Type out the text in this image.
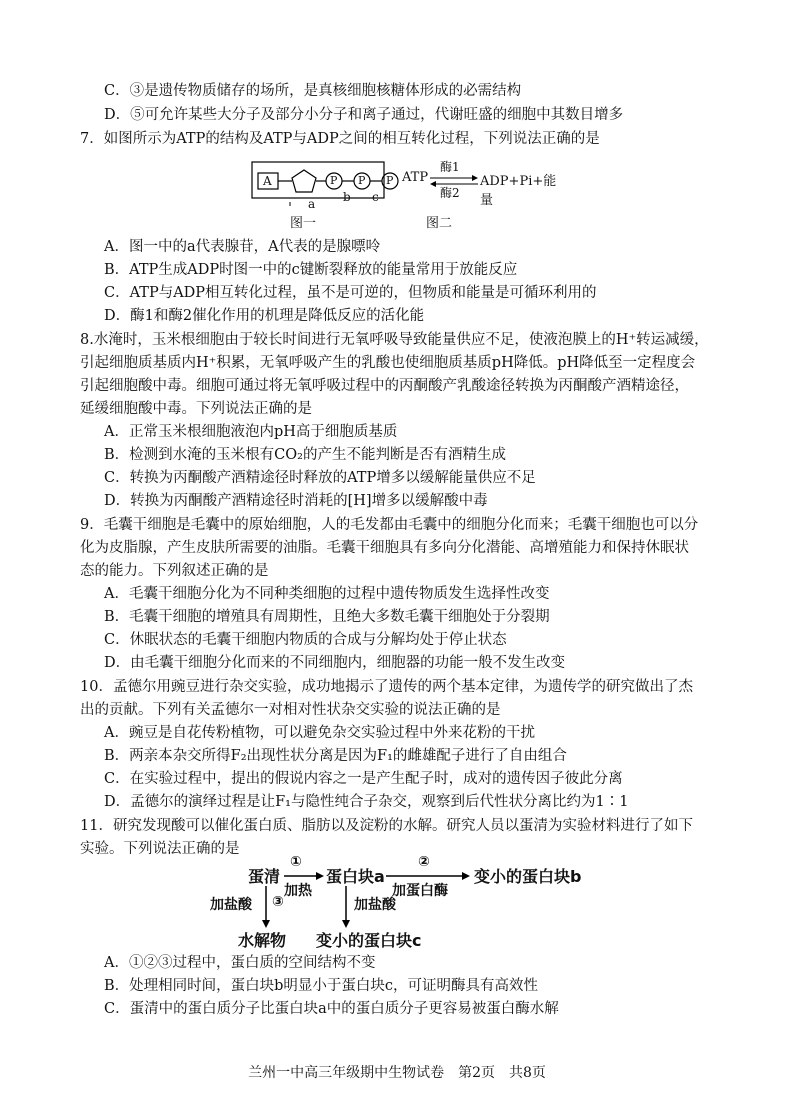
C．③是遗传物质储存的场所，是真核细胞核糖体形成的必需结构
D．⑤可允许某些大分子及部分小分子和离子通过，代谢旺盛的细胞中其数目增多
7．如图所示为ATP的结构及ATP与ADP之间的相互转化过程，下列说法正确的是
A	P P P
a b c
图一
ATP
酶1
酶2
ADP+Pi+能量
图二
A．图一中的a代表腺苷，A代表的是腺嘌呤
B．ATP生成ADP时图一中的c键断裂释放的能量常用于放能反应
C．ATP与ADP相互转化过程，虽不是可逆的，但物质和能量是可循环利用的
D．酶1和酶2催化作用的机理是降低反应的活化能
8.水淹时，玉米根细胞由于较长时间进行无氧呼吸导致能量供应不足，使液泡膜上的H⁺转运减缓，
引起细胞质基质内H⁺积累，无氧呼吸产生的乳酸也使细胞质基质pH降低。pH降低至一定程度会
引起细胞酸中毒。细胞可通过将无氧呼吸过程中的丙酮酸产乳酸途径转换为丙酮酸产酒精途径，
延缓细胞酸中毒。下列说法正确的是
A．正常玉米根细胞液泡内pH高于细胞质基质
B．检测到水淹的玉米根有CO₂的产生不能判断是否有酒精生成
C．转换为丙酮酸产酒精途径时释放的ATP增多以缓解能量供应不足
D．转换为丙酮酸产酒精途径时消耗的[H]增多以缓解酸中毒
9．毛囊干细胞是毛囊中的原始细胞，人的毛发都由毛囊中的细胞分化而来；毛囊干细胞也可以分
化为皮脂腺，产生皮肤所需要的油脂。毛囊干细胞具有多向分化潜能、高增殖能力和保持休眠状
态的能力。下列叙述正确的是
A．毛囊干细胞分化为不同种类细胞的过程中遗传物质发生选择性改变
B．毛囊干细胞的增殖具有周期性，且绝大多数毛囊干细胞处于分裂期
C．休眠状态的毛囊干细胞内物质的合成与分解均处于停止状态
D．由毛囊干细胞分化而来的不同细胞内，细胞器的功能一般不发生改变
10．孟德尔用豌豆进行杂交实验，成功地揭示了遗传的两个基本定律，为遗传学的研究做出了杰
出的贡献。下列有关孟德尔一对相对性状杂交实验的说法正确的是
A．豌豆是自花传粉植物，可以避免杂交实验过程中外来花粉的干扰
B．两亲本杂交所得F₂出现性状分离是因为F₁的雌雄配子进行了自由组合
C．在实验过程中，提出的假说内容之一是产生配子时，成对的遗传因子彼此分离
D．孟德尔的演绎过程是让F₁与隐性纯合子杂交，观察到后代性状分离比约为1∶1
11．研究发现酸可以催化蛋白质、脂肪以及淀粉的水解。研究人员以蛋清为实验材料进行了如下
实验。下列说法正确的是
蛋清
①
加热
蛋白块a
②
加蛋白酶
变小的蛋白块b
加盐酸 ③	加盐酸
水解物 变小的蛋白块c
A．①②③过程中，蛋白质的空间结构不变
B．处理相同时间，蛋白块b明显小于蛋白块c，可证明酶具有高效性
C．蛋清中的蛋白质分子比蛋白块a中的蛋白质分子更容易被蛋白酶水解
兰州一中高三年级期中生物试卷　第2页　共8页
